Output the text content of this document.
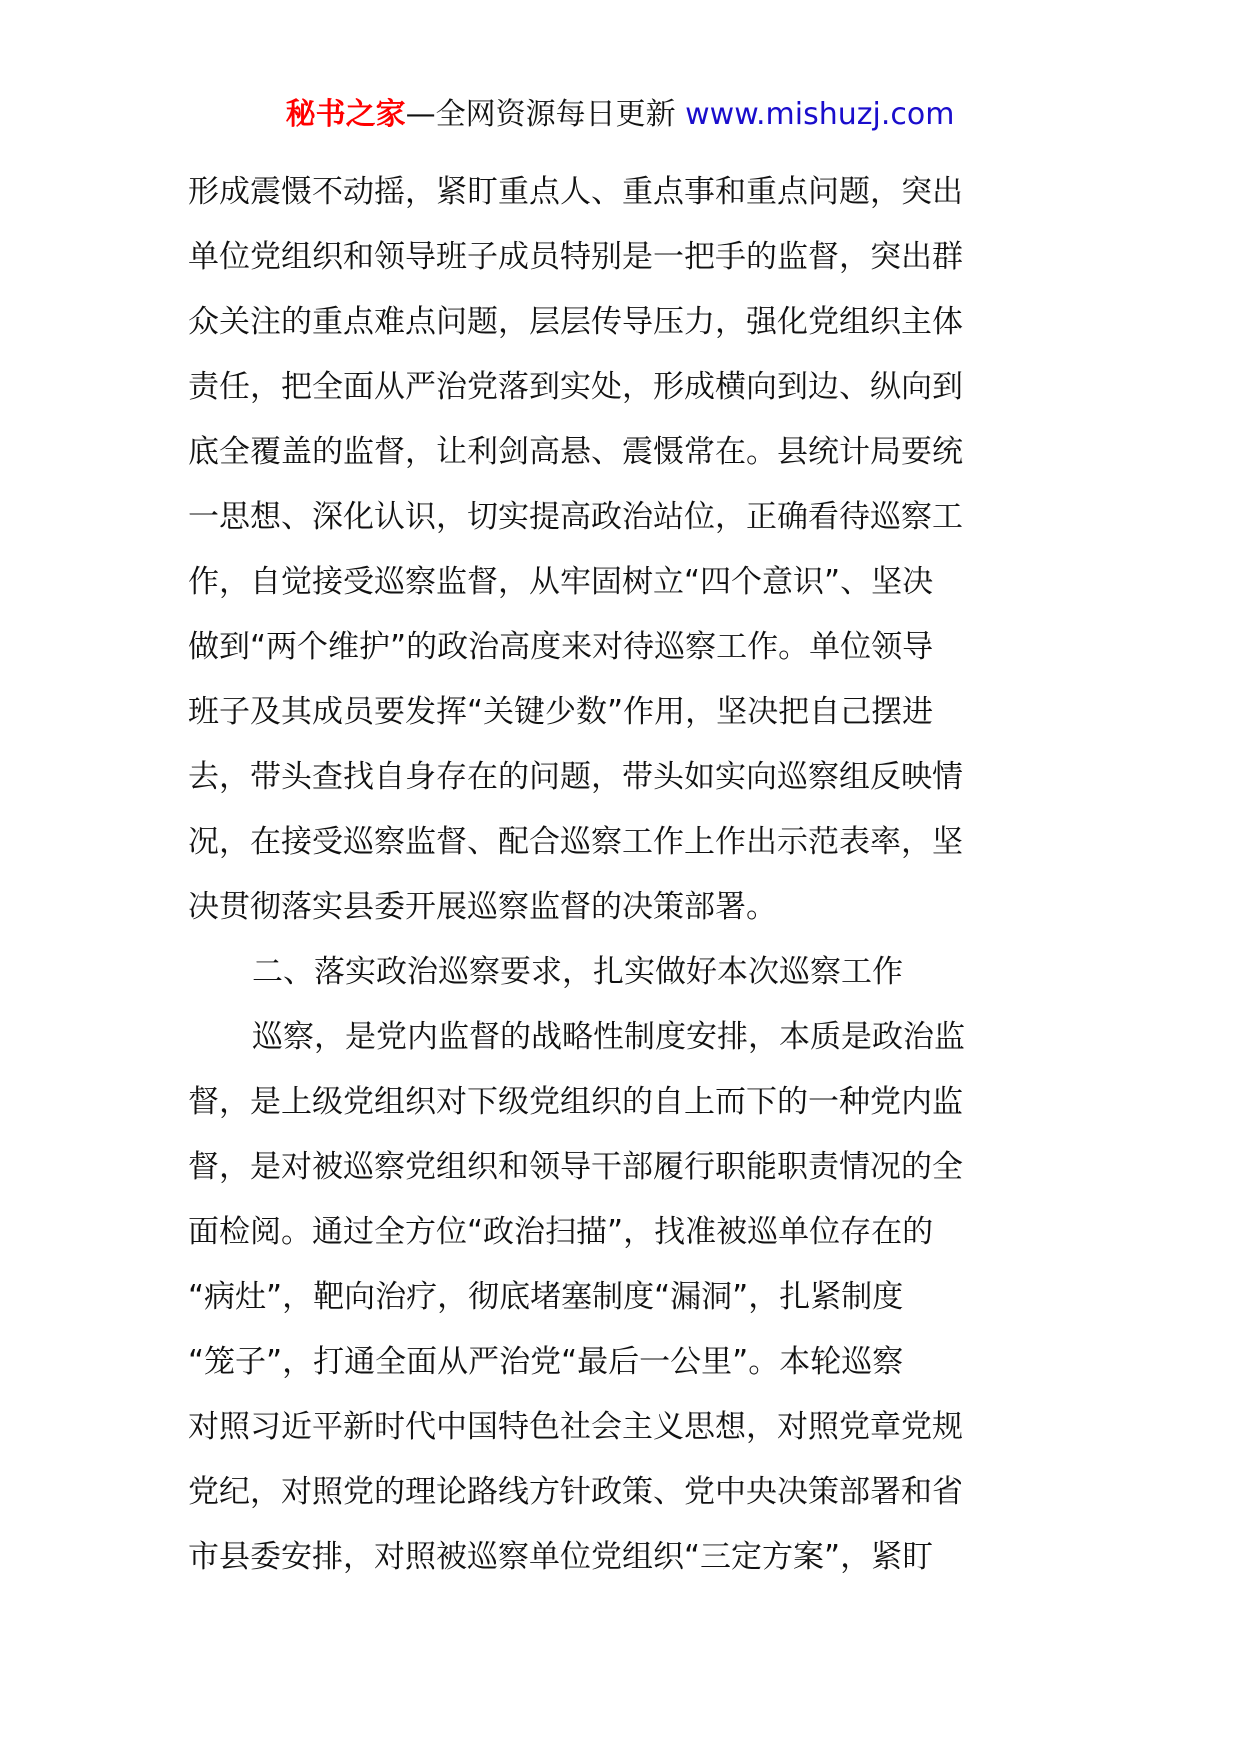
秘书之家—全网资源每日更新 www.mishuzj.com
形成震慑不动摇，紧盯重点人、重点事和重点问题，突出
单位党组织和领导班子成员特别是一把手的监督，突出群
众关注的重点难点问题，层层传导压力，强化党组织主体
责任，把全面从严治党落到实处，形成横向到边、纵向到
底全覆盖的监督，让利剑高悬、震慑常在。县统计局要统
一思想、深化认识，切实提高政治站位，正确看待巡察工
作，自觉接受巡察监督，从牢固树立“四个意识”、坚决
做到“两个维护”的政治高度来对待巡察工作。单位领导
班子及其成员要发挥“关键少数”作用，坚决把自己摆进
去，带头查找自身存在的问题，带头如实向巡察组反映情
况，在接受巡察监督、配合巡察工作上作出示范表率，坚
决贯彻落实县委开展巡察监督的决策部署。
二、落实政治巡察要求，扎实做好本次巡察工作
巡察，是党内监督的战略性制度安排，本质是政治监
督，是上级党组织对下级党组织的自上而下的一种党内监
督，是对被巡察党组织和领导干部履行职能职责情况的全
面检阅。通过全方位“政治扫描”，找准被巡单位存在的
“病灶”，靶向治疗，彻底堵塞制度“漏洞”，扎紧制度
“笼子”，打通全面从严治党“最后一公里”。本轮巡察
对照习近平新时代中国特色社会主义思想，对照党章党规
党纪，对照党的理论路线方针政策、党中央决策部署和省
市县委安排，对照被巡察单位党组织“三定方案”，紧盯
